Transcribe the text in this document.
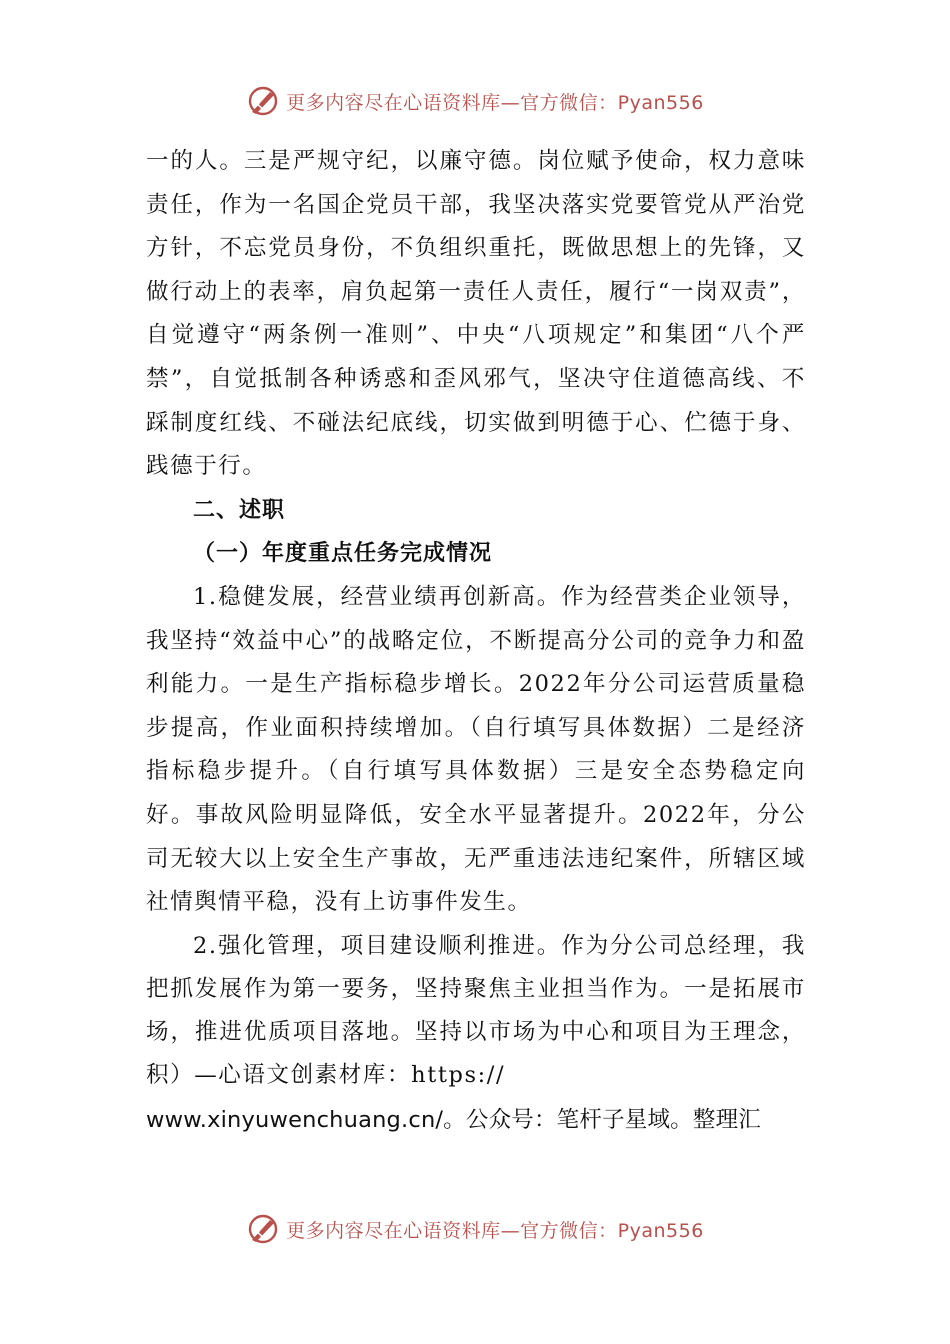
更多内容尽在心语资料库—官方微信：Pyan556

一的人。三是严规守纪，以廉守德。岗位赋予使命，权力意味责任，作为一名国企党员干部，我坚决落实党要管党从严治党方针，不忘党员身份，不负组织重托，既做思想上的先锋，又做行动上的表率，肩负起第一责任人责任，履行“一岗双责”，自觉遵守“两条例一准则”、中央“八项规定”和集团“八个严禁”，自觉抵制各种诱惑和歪风邪气，坚决守住道德高线、不踩制度红线、不碰法纪底线，切实做到明德于心、伫德于身、践德于行。

二、述职

（一）年度重点任务完成情况

1.稳健发展，经营业绩再创新高。作为经营类企业领导，我坚持“效益中心”的战略定位，不断提高分公司的竞争力和盈利能力。一是生产指标稳步增长。2022年分公司运营质量稳步提高，作业面积持续增加。（自行填写具体数据）二是经济指标稳步提升。（自行填写具体数据）三是安全态势稳定向好。事故风险明显降低，安全水平显著提升。2022年，分公司无较大以上安全生产事故，无严重违法违纪案件，所辖区域社情舆情平稳，没有上访事件发生。

2.强化管理，项目建设顺利推进。作为分公司总经理，我把抓发展作为第一要务，坚持聚焦主业担当作为。一是拓展市场，推进优质项目落地。坚持以市场为中心和项目为王理念，积）—心语文创素材库：https://

www.xinyuwenchuang.cn/。公众号：笔杆子星域。整理汇

更多内容尽在心语资料库—官方微信：Pyan556
